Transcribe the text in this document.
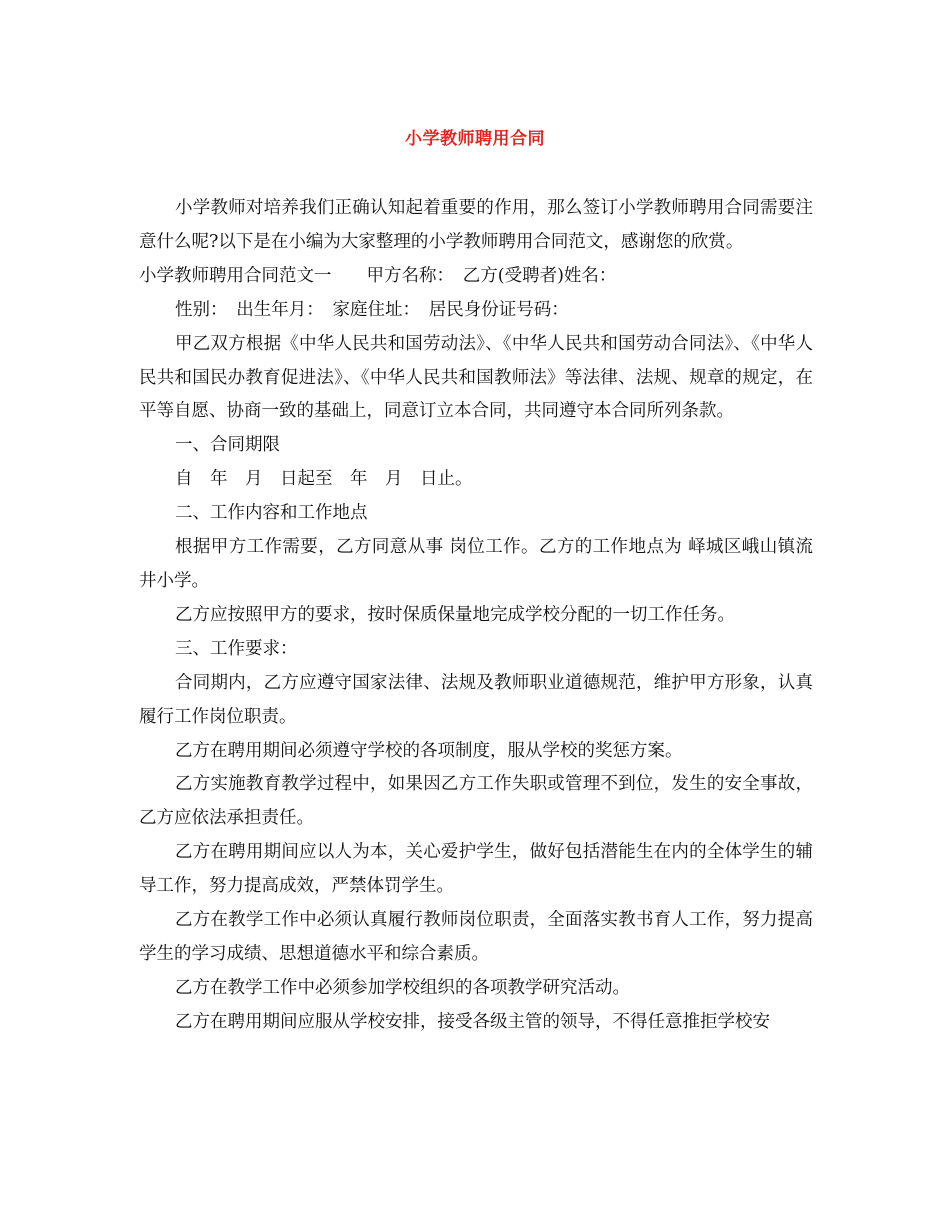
小学教师聘用合同

小学教师对培养我们正确认知起着重要的作用，那么签订小学教师聘用合同需要注意什么呢?以下是在小编为大家整理的小学教师聘用合同范文，感谢您的欣赏。

小学教师聘用合同范文一　　甲方名称：　乙方(受聘者)姓名：

性别：　出生年月：　家庭住址：　居民身份证号码：

甲乙双方根据《中华人民共和国劳动法》、《中华人民共和国劳动合同法》、《中华人民共和国民办教育促进法》、《中华人民共和国教师法》等法律、法规、规章的规定，在平等自愿、协商一致的基础上，同意订立本合同，共同遵守本合同所列条款。

一、合同期限

自　年　月　日起至　年　月　日止。

二、工作内容和工作地点

根据甲方工作需要，乙方同意从事 岗位工作。乙方的工作地点为 峄城区峨山镇流井小学。

乙方应按照甲方的要求，按时保质保量地完成学校分配的一切工作任务。

三、工作要求：

合同期内，乙方应遵守国家法律、法规及教师职业道德规范，维护甲方形象，认真履行工作岗位职责。

乙方在聘用期间必须遵守学校的各项制度，服从学校的奖惩方案。

乙方实施教育教学过程中，如果因乙方工作失职或管理不到位，发生的安全事故，乙方应依法承担责任。

乙方在聘用期间应以人为本，关心爱护学生，做好包括潜能生在内的全体学生的辅导工作，努力提高成效，严禁体罚学生。

乙方在教学工作中必须认真履行教师岗位职责，全面落实教书育人工作，努力提高学生的学习成绩、思想道德水平和综合素质。

乙方在教学工作中必须参加学校组织的各项教学研究活动。

乙方在聘用期间应服从学校安排，接受各级主管的领导，不得任意推拒学校安
